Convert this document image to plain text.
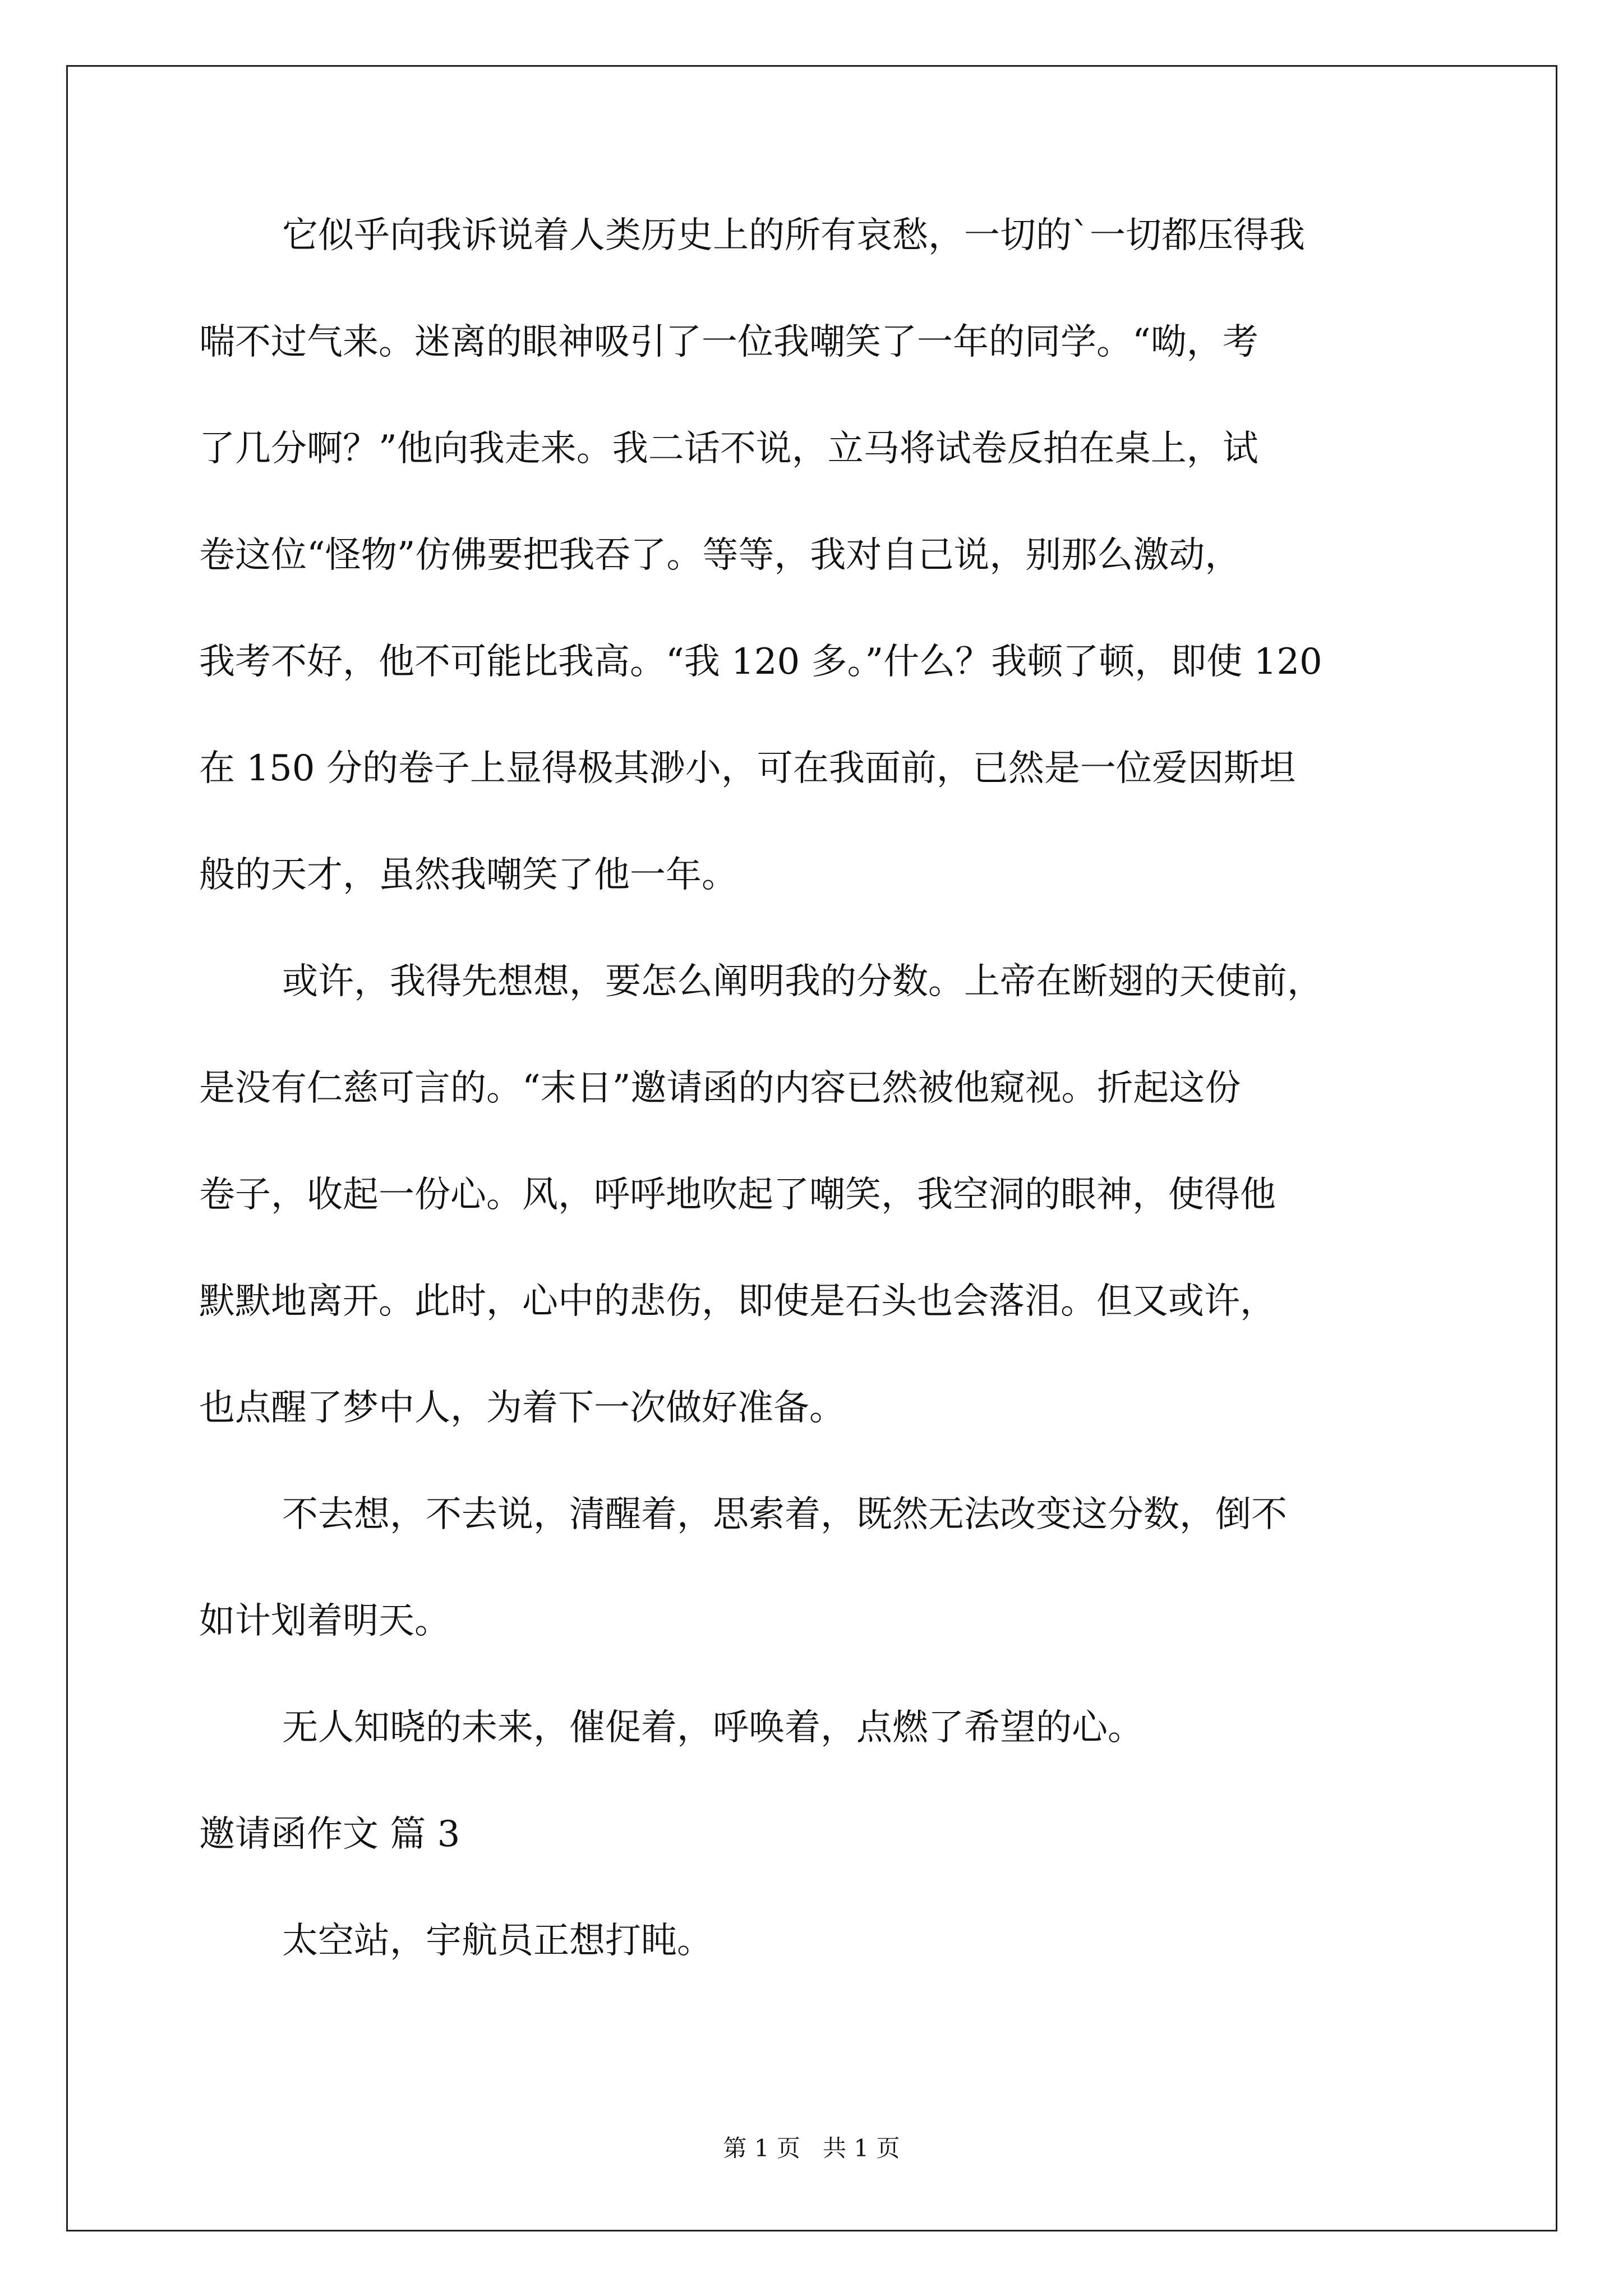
它似乎向我诉说着人类历史上的所有哀愁，一切的`一切都压得我
喘不过气来。迷离的眼神吸引了一位我嘲笑了一年的同学。“呦，考
了几分啊？”他向我走来。我二话不说，立马将试卷反拍在桌上，试
卷这位“怪物”仿佛要把我吞了。等等，我对自己说，别那么激动，
我考不好，他不可能比我高。“我 120 多。”什么？我顿了顿，即使 120
在 150 分的卷子上显得极其渺小，可在我面前，已然是一位爱因斯坦
般的天才，虽然我嘲笑了他一年。
或许，我得先想想，要怎么阐明我的分数。上帝在断翅的天使前，
是没有仁慈可言的。“末日”邀请函的内容已然被他窥视。折起这份
卷子，收起一份心。风，呼呼地吹起了嘲笑，我空洞的眼神，使得他
默默地离开。此时，心中的悲伤，即使是石头也会落泪。但又或许，
也点醒了梦中人，为着下一次做好准备。
不去想，不去说，清醒着，思索着，既然无法改变这分数，倒不
如计划着明天。
无人知晓的未来，催促着，呼唤着，点燃了希望的心。
邀请函作文 篇 3
太空站，宇航员正想打盹。
第 1 页   共 1 页
